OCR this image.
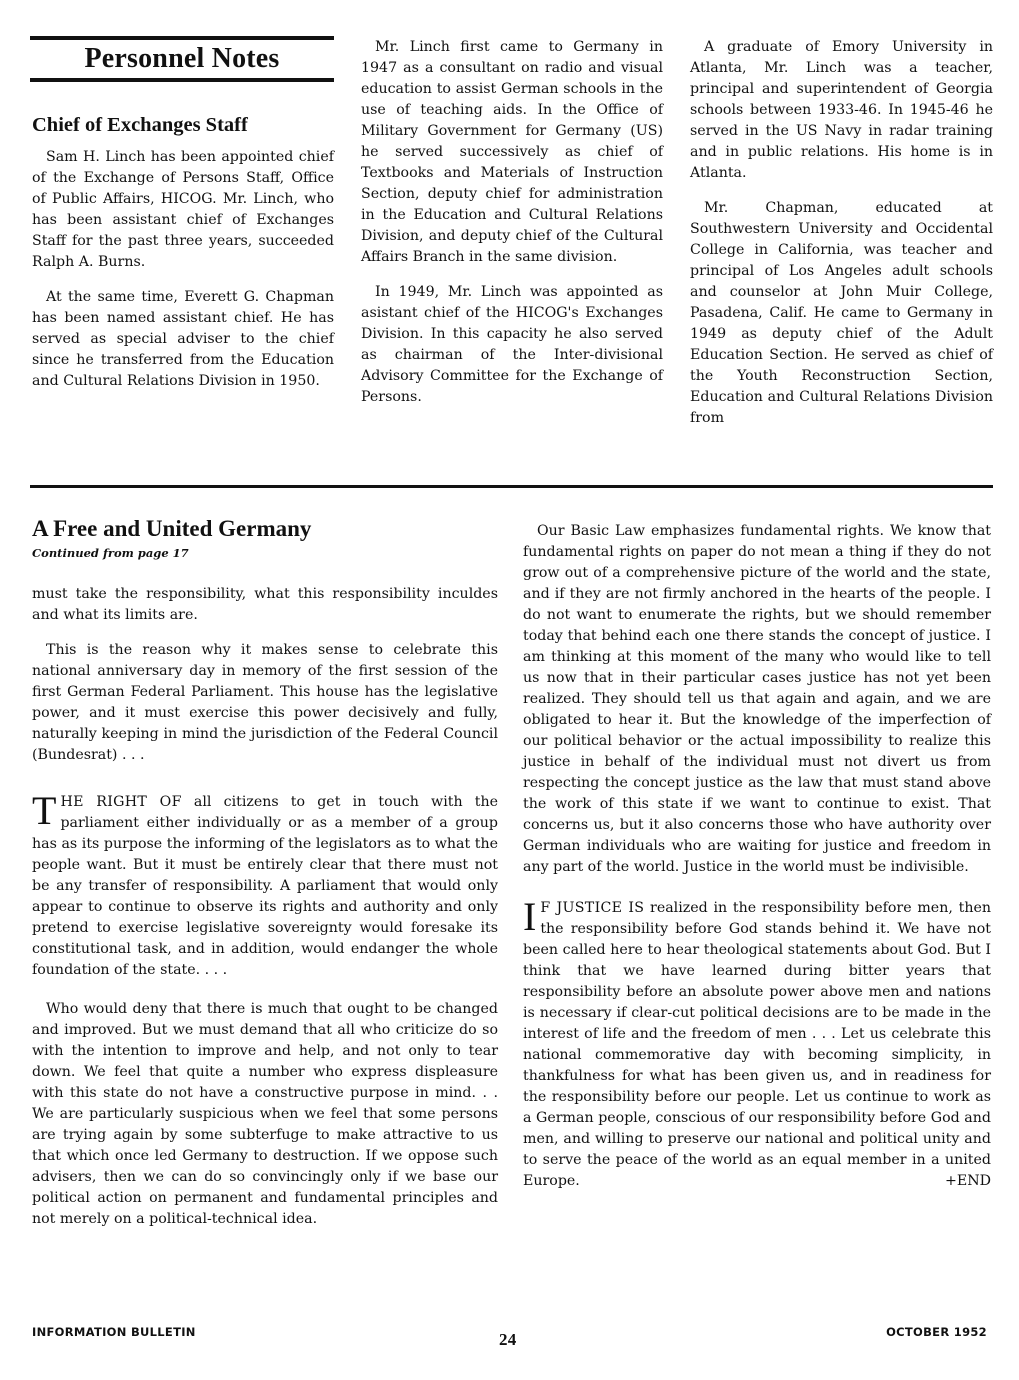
Personnel Notes
Chief of Exchanges Staff

Sam H. Linch has been appointed chief of the Exchange of Persons Staff, Office of Public Affairs, HICOG. Mr. Linch, who has been assistant chief of Exchanges Staff for the past three years, succeeded Ralph A. Burns.

At the same time, Everett G. Chapman has been named assistant chief. He has served as special adviser to the chief since he transferred from the Education and Cultural Relations Division in 1950.

Mr. Linch first came to Germany in 1947 as a consultant on radio and visual education to assist German schools in the use of teaching aids. In the Office of Military Government for Germany (US) he served successively as chief of Textbooks and Materials of Instruction Section, deputy chief for administration in the Education and Cultural Relations Division, and deputy chief of the Cultural Affairs Branch in the same division.

In 1949, Mr. Linch was appointed as asistant chief of the HICOG's Exchanges Division. In this capacity he also served as chairman of the Inter-divisional Advisory Committee for the Exchange of Persons.

A graduate of Emory University in Atlanta, Mr. Linch was a teacher, principal and superintendent of Georgia schools between 1933-46. In 1945-46 he served in the US Navy in radar training and in public relations. His home is in Atlanta.

Mr. Chapman, educated at Southwestern University and Occidental College in California, was teacher and principal of Los Angeles adult schools and counselor at John Muir College, Pasadena, Calif. He came to Germany in 1949 as deputy chief of the Adult Education Section. He served as chief of the Youth Reconstruction Section, Education and Cultural Relations Division from

A Free and United Germany
Continued from page 17

must take the responsibility, what this responsibility inculdes and what its limits are.

This is the reason why it makes sense to celebrate this national anniversary day in memory of the first session of the first German Federal Parliament. This house has the legislative power, and it must exercise this power decisively and fully, naturally keeping in mind the jurisdiction of the Federal Council (Bundesrat) . . .

THE RIGHT OF all citizens to get in touch with the parliament either individually or as a member of a group has as its purpose the informing of the legislators as to what the people want. But it must be entirely clear that there must not be any transfer of responsibility. A parliament that would only appear to continue to observe its rights and authority and only pretend to exercise legislative sovereignty would foresake its constitutional task, and in addition, would endanger the whole foundation of the state. . . .

Who would deny that there is much that ought to be changed and improved. But we must demand that all who criticize do so with the intention to improve and help, and not only to tear down. We feel that quite a number who express displeasure with this state do not have a constructive purpose in mind. . . We are particularly suspicious when we feel that some persons are trying again by some subterfuge to make attractive to us that which once led Germany to destruction. If we oppose such advisers, then we can do so convincingly only if we base our political action on permanent and fundamental principles and not merely on a political-technical idea.

Our Basic Law emphasizes fundamental rights. We know that fundamental rights on paper do not mean a thing if they do not grow out of a comprehensive picture of the world and the state, and if they are not firmly anchored in the hearts of the people. I do not want to enumerate the rights, but we should remember today that behind each one there stands the concept of justice. I am thinking at this moment of the many who would like to tell us now that in their particular cases justice has not yet been realized. They should tell us that again and again, and we are obligated to hear it. But the knowledge of the imperfection of our political behavior or the actual impossibility to realize this justice in behalf of the individual must not divert us from respecting the concept justice as the law that must stand above the work of this state if we want to continue to exist. That concerns us, but it also concerns those who have authority over German individuals who are waiting for justice and freedom in any part of the world. Justice in the world must be indivisible.

I F JUSTICE IS realized in the responsibility before men, then the responsibility before God stands behind it. We have not been called here to hear theological statements about God. But I think that we have learned during bitter years that responsibility before an absolute power above men and nations is necessary if clear-cut political decisions are to be made in the interest of life and the freedom of men . . . Let us celebrate this national commemorative day with becoming simplicity, in thankfulness for what has been given us, and in readiness for the responsibility before our people. Let us continue to work as a German people, conscious of our responsibility before God and men, and willing to preserve our national and political unity and to serve the peace of the world as an equal member in a united Europe.	+END

INFORMATION BULLETIN	24	OCTOBER 1952
